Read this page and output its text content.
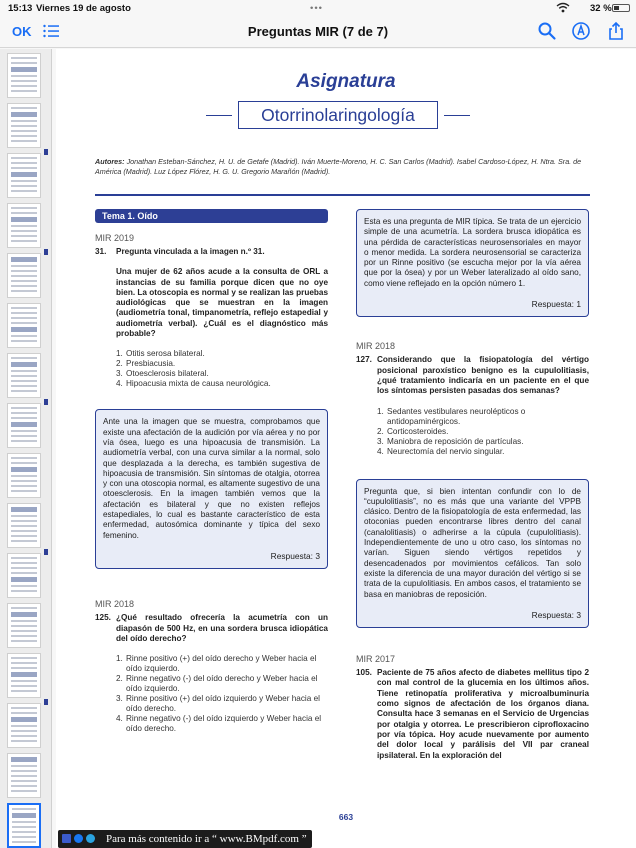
15:13 Viernes 19 de agosto	•••	32 %
OK	Preguntas MIR (7 de 7)
Asignatura
Otorrinolaringología
Autores: Jonathan Esteban-Sánchez, H. U. de Getafe (Madrid). Iván Muerte-Moreno, H. C. San Carlos (Madrid). Isabel Cardoso-López, H. Ntra. Sra. de América (Madrid). Luz López Flórez, H. G. U. Gregorio Marañón (Madrid).
Tema 1. Oído
MIR 2019
31.	Pregunta vinculada a la imagen n.º 31.
Una mujer de 62 años acude a la consulta de ORL a instancias de su familia porque dicen que no oye bien. La otoscopia es normal y se realizan las pruebas audiológicas que se muestran en la imagen (audiometría tonal, timpanometría, reflejo estapedial y audiometría verbal). ¿Cuál es el diagnóstico más probable?
1. Otitis serosa bilateral.
2. Presbiacusia.
3. Otoesclerosis bilateral.
4. Hipoacusia mixta de causa neurológica.
Ante una la imagen que se muestra, comprobamos que existe una afectación de la audición por vía aérea y no por vía ósea, luego es una hipoacusia de transmisión. La audiometría verbal, con una curva similar a la normal, solo que desplazada a la derecha, es también sugestiva de hipoacusia de transmisión. Sin síntomas de otalgia, otorrea y con una otoscopia normal, es altamente sugestivo de una otoesclerosis. En la imagen también vemos que la afectación es bilateral y que no existen reflejos estapediales, lo cual es bastante característico de esta enfermedad, autosómica dominante y típica del sexo femenino.
Respuesta: 3
MIR 2018
125. ¿Qué resultado ofrecería la acumetría con un diapasón de 500 Hz, en una sordera brusca idiopática del oído derecho?
1. Rinne positivo (+) del oído derecho y Weber hacia el oído izquierdo.
2. Rinne negativo (-) del oído derecho y Weber hacia el oído izquierdo.
3. Rinne positivo (+) del oído izquierdo y Weber hacia el oído derecho.
4. Rinne negativo (-) del oído izquierdo y Weber hacia el oído derecho.
Esta es una pregunta de MIR típica. Se trata de un ejercicio simple de una acumetría. La sordera brusca idiopática es una pérdida de características neurosensoriales en mayor o menor medida. La sordera neurosensorial se caracteriza por un Rinne positivo (se escucha mejor por la vía aérea que por la ósea) y por un Weber lateralizado al oído sano, como viene reflejado en la opción número 1.
Respuesta: 1
MIR 2018
127. Considerando que la fisiopatología del vértigo posicional paroxístico benigno es la cupulolitiasis, ¿qué tratamiento indicaría en un paciente en el que los síntomas persisten pasadas dos semanas?
1. Sedantes vestibulares neurolépticos o antidopaminérgicos.
2. Corticosteroides.
3. Maniobra de reposición de partículas.
4. Neurectomía del nervio singular.
Pregunta que, si bien intentan confundir con lo de “cupulolitiasis”, no es más que una variante del VPPB clásico. Dentro de la fisiopatología de esta enfermedad, las otoconias pueden encontrarse libres dentro del canal (canalolitiasis) o adherirse a la cúpula (cupulolitiasis). Independientemente de uno u otro caso, los síntomas no varían. Siguen siendo vértigos repetidos y desencadenados por movimientos cefálicos. Tan solo existe la diferencia de una mayor duración del vértigo si se trata de la cupulolitiasis. En ambos casos, el tratamiento se basa en maniobras de reposición.
Respuesta: 3
MIR 2017
105. Paciente de 75 años afecto de diabetes mellitus tipo 2 con mal control de la glucemia en los últimos años. Tiene retinopatía proliferativa y microalbuminuria como signos de afectación de los órganos diana. Consulta hace 3 semanas en el Servicio de Urgencias por otalgia y otorrea. Le prescribieron ciprofloxacino por vía tópica. Hoy acude nuevamente por aumento del dolor local y parálisis del VII par craneal ipsilateral. En la exploración del
663
Para más contenido ir a “ www.BMpdf.com ”
